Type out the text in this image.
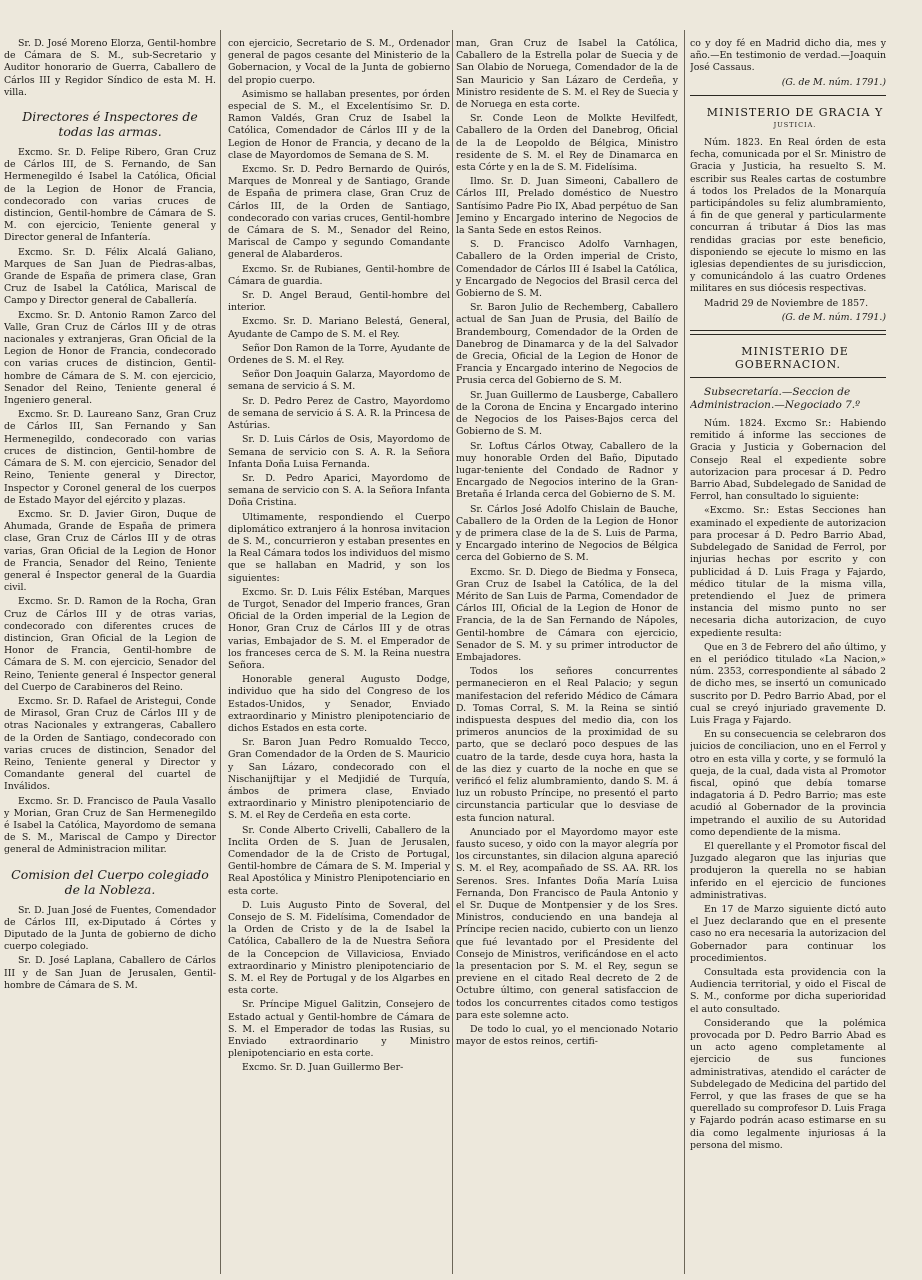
Sr. D. José Moreno Elorza, Gentil-hombre de Cámara de S. M., sub-Secretario y Auditor honorario de Guerra, Caballero de Cárlos III y Regidor Síndico de esta M. H. villa.

Directores é Inspectores de todas las armas.

Excmo. Sr. D. Felipe Ribero, Gran Cruz de Cárlos III, de S. Fernando, de San Hermenegildo é Isabel la Católica, Oficial de la Legion de Honor de Francia, condecorado con varias cruces de distincion, Gentil-hombre de Cámara de S. M. con ejercicio, Teniente general y Director general de Infantería.

Excmo. Sr. D. Félix Alcalá Galiano, Marques de San Juan de Piedras-albas, Grande de España de primera clase, Gran Cruz de Isabel la Católica, Mariscal de Campo y Director general de Caballería.

Excmo. Sr. D. Antonio Ramon Zarco del Valle, Gran Cruz de Cárlos III y de otras nacionales y extranjeras, Gran Oficial de la Legion de Honor de Francia, condecorado con varias cruces de distincion, Gentil-hombre de Cámara de S. M. con ejercicio, Senador del Reino, Teniente general é Ingeniero general.

Excmo. Sr. D. Laureano Sanz, Gran Cruz de Cárlos III, San Fernando y San Hermenegildo, condecorado con varias cruces de distincion, Gentil-hombre de Cámara de S. M. con ejercicio, Senador del Reino, Teniente general y Director, Inspector y Coronel general de los cuerpos de Estado Mayor del ejército y plazas.

Excmo. Sr. D. Javier Giron, Duque de Ahumada, Grande de España de primera clase, Gran Cruz de Cárlos III y de otras varias, Gran Oficial de la Legion de Honor de Francia, Senador del Reino, Teniente general é Inspector general de la Guardia civil.

Excmo. Sr. D. Ramon de la Rocha, Gran Cruz de Cárlos III y de otras varias, condecorado con diferentes cruces de distincion, Gran Oficial de la Legion de Honor de Francia, Gentil-hombre de Cámara de S. M. con ejercicio, Senador del Reino, Teniente general é Inspector general del Cuerpo de Carabineros del Reino.

Excmo. Sr. D. Rafael de Aristegui, Conde de Mirasol, Gran Cruz de Cárlos III y de otras Nacionales y extrangeras, Caballero de la Orden de Santiago, condecorado con varias cruces de distincion, Senador del Reino, Teniente general y Director y Comandante general del cuartel de Inválidos.

Excmo. Sr. D. Francisco de Paula Vasallo y Morian, Gran Cruz de San Hermenegildo é Isabel la Católica, Mayordomo de semana de S. M., Mariscal de Campo y Director general de Administracion militar.

Comision del Cuerpo colegiado de la Nobleza.

Sr. D. Juan José de Fuentes, Comendador de Cárlos III, ex-Diputado á Córtes y Diputado de la Junta de gobierno de dicho cuerpo colegiado.

Sr. D. José Laplana, Caballero de Cárlos III y de San Juan de Jerusalen, Gentil-hombre de Cámara de S. M.

con ejercicio, Secretario de S. M., Ordenador general de pagos cesante del Ministerio de la Gobernacion, y Vocal de la Junta de gobierno del propio cuerpo.

Asimismo se hallaban presentes, por órden especial de S. M., el Excelentísimo Sr. D. Ramon Valdés, Gran Cruz de Isabel la Católica, Comendador de Cárlos III y de la Legion de Honor de Francia, y decano de la clase de Mayordomos de Semana de S. M.

Excmo. Sr. D. Pedro Bernardo de Quirós, Marques de Monreal y de Santiago, Grande de España de primera clase, Gran Cruz de Cárlos III, de la Orden de Santiago, condecorado con varias cruces, Gentil-hombre de Cámara de S. M., Senador del Reino, Mariscal de Campo y segundo Comandante general de Alabarderos.

Excmo. Sr. de Rubianes, Gentil-hombre de Cámara de guardia.

Sr. D. Angel Beraud, Gentil-hombre del interior.

Excmo. Sr. D. Mariano Belestá, General, Ayudante de Campo de S. M. el Rey.

Señor Don Ramon de la Torre, Ayudante de Ordenes de S. M. el Rey.

Señor Don Joaquin Galarza, Mayordomo de semana de servicio á S. M.

Sr. D. Pedro Perez de Castro, Mayordomo de semana de servicio á S. A. R. la Princesa de Astúrias.

Sr. D. Luis Cárlos de Osis, Mayordomo de Semana de servicio con S. A. R. la Señora Infanta Doña Luisa Fernanda.

Sr. D. Pedro Aparici, Mayordomo de semana de servicio con S. A. la Señora Infanta Doña Cristina.

Ultimamente, respondiendo el Cuerpo diplomático extranjero á la honrosa invitacion de S. M., concurrieron y estaban presentes en la Real Cámara todos los individuos del mismo que se hallaban en Madrid, y son los siguientes:

Excmo. Sr. D. Luis Félix Estéban, Marques de Turgot, Senador del Imperio frances, Gran Oficial de la Orden imperial de la Legion de Honor, Gran Cruz de Cárlos III y de otras varias, Embajador de S. M. el Emperador de los franceses cerca de S. M. la Reina nuestra Señora.

Honorable general Augusto Dodge, individuo que ha sido del Congreso de los Estados-Unidos, y Senador, Enviado extraordinario y Ministro plenipotenciario de dichos Estados en esta corte.

Sr. Baron Juan Pedro Romualdo Tecco, Gran Comendador de la Orden de S. Mauricio y San Lázaro, condecorado con el Nischanijftijar y el Medjidié de Turquía, ámbos de primera clase, Enviado extraordinario y Ministro plenipotenciario de S. M. el Rey de Cerdeña en esta corte.

Sr. Conde Alberto Crivelli, Caballero de la Inclita Orden de S. Juan de Jerusalen, Comendador de la de Cristo de Portugal, Gentil-hombre de Cámara de S. M. Imperial y Real Apostólica y Ministro Plenipotenciario en esta corte.

D. Luis Augusto Pinto de Soveral, del Consejo de S. M. Fidelísima, Comendador de la Orden de Cristo y de la de Isabel la Católica, Caballero de la de Nuestra Señora de la Concepcion de Villaviciosa, Enviado extraordinario y Ministro plenipotenciario de S. M. el Rey de Portugal y de los Algarbes en esta corte.

Sr. Príncipe Miguel Galitzin, Consejero de Estado actual y Gentil-hombre de Cámara de S. M. el Emperador de todas las Rusias, su Enviado extraordinario y Ministro plenipotenciario en esta corte.

Excmo. Sr. D. Juan Guillermo Ber-

man, Gran Cruz de Isabel la Católica, Caballero de la Estrella polar de Suecia y de San Olabio de Noruega, Comendador de la de San Mauricio y San Lázaro de Cerdeña, y Ministro residente de S. M. el Rey de Suecia y de Noruega en esta corte.

Sr. Conde Leon de Molkte Hevilfedt, Caballero de la Orden del Danebrog, Oficial de la de Leopoldo de Bélgica, Ministro residente de S. M. el Rey de Dinamarca en esta Córte y en la de S. M. Fidelísima.

Ilmo. Sr. D. Juan Simeoni, Caballero de Cárlos III, Prelado doméstico de Nuestro Santísimo Padre Pio IX, Abad perpétuo de San Jemino y Encargado interino de Negocios de la Santa Sede en estos Reinos.

S. D. Francisco Adolfo Varnhagen, Caballero de la Orden imperial de Cristo, Comendador de Cárlos III é Isabel la Católica, y Encargado de Negocios del Brasil cerca del Gobierno de S. M.

Sr. Baron Julio de Rechemberg, Caballero actual de San Juan de Prusia, del Bailío de Brandembourg, Comendador de la Orden de Danebrog de Dinamarca y de la del Salvador de Grecia, Oficial de la Legion de Honor de Francia y Encargado interino de Negocios de Prusia cerca del Gobierno de S. M.

Sr. Juan Guillermo de Lausberge, Caballero de la Corona de Encina y Encargado interino de Negocios de los Paises-Bajos cerca del Gobierno de S. M.

Sr. Loftus Cárlos Otway, Caballero de la muy honorable Orden del Baño, Diputado lugar-teniente del Condado de Radnor y Encargado de Negocios interino de la Gran-Bretaña é Irlanda cerca del Gobierno de S. M.

Sr. Cárlos José Adolfo Chislain de Bauche, Caballero de la Orden de la Legion de Honor y de primera clase de la de S. Luis de Parma, y Encargado interino de Negocios de Bélgica cerca del Gobierno de S. M.

Excmo. Sr. D. Diego de Biedma y Fonseca, Gran Cruz de Isabel la Católica, de la del Mérito de San Luis de Parma, Comendador de Cárlos III, Oficial de la Legion de Honor de Francia, de la de San Fernando de Nápoles, Gentil-hombre de Cámara con ejercicio, Senador de S. M. y su primer introductor de Embajadores.

Todos los señores concurrentes permanecieron en el Real Palacio; y segun manifestacion del referido Médico de Cámara D. Tomas Corral, S. M. la Reina se sintió indispuesta despues del medio dia, con los primeros anuncios de la proximidad de su parto, que se declaró poco despues de las cuatro de la tarde, desde cuya hora, hasta la de las diez y cuarto de la noche en que se verificó el feliz alumbramiento, dando S. M. á luz un robusto Príncipe, no presentó el parto circunstancia particular que lo desviase de esta funcion natural.

Anunciado por el Mayordomo mayor este fausto suceso, y oido con la mayor alegría por los circunstantes, sin dilacion alguna apareció S. M. el Rey, acompañado de SS. AA. RR. los Serenos. Sres. Infantes Doña María Luisa Fernanda, Don Francisco de Paula Antonio y el Sr. Duque de Montpensier y de los Sres. Ministros, conduciendo en una bandeja al Príncipe recien nacido, cubierto con un lienzo que fué levantado por el Presidente del Consejo de Ministros, verificándose en el acto la presentacion por S. M. el Rey, segun se previene en el citado Real decreto de 2 de Octubre último, con general satisfaccion de todos los concurrentes citados como testigos para este solemne acto.

De todo lo cual, yo el mencionado Notario mayor de estos reinos, certifi-

co y doy fé en Madrid dicho dia, mes y año.—En testimonio de verdad.—Joaquin José Cassaus.

(G. de M. núm. 1791.)

MINISTERIO DE GRACIA Y

JUSTICIA.

Núm. 1823. En Real órden de esta fecha, comunicada por el Sr. Ministro de Gracia y Justicia, ha resuelto S. M. escribir sus Reales cartas de costumbre á todos los Prelados de la Monarquía participándoles su feliz alumbramiento, á fin de que general y particularmente concurran á tributar á Dios las mas rendidas gracias por este beneficio, disponiendo se ejecute lo mismo en las iglesias dependientes de su jurisdiccion, y comunicándolo á las cuatro Ordenes militares en sus diócesis respectivas.

Madrid 29 de Noviembre de 1857.

(G. de M. núm. 1791.)

MINISTERIO DE GOBERNACION.

Subsecretaría.—Seccion de Administracion.—Negociado 7.º

Núm. 1824. Excmo Sr.: Habiendo remitido á informe las secciones de Gracia y Justicia y Gobernacion del Consejo Real el expediente sobre autorizacion para procesar á D. Pedro Barrio Abad, Subdelegado de Sanidad de Ferrol, han consultado lo siguiente:

«Excmo. Sr.: Estas Secciones han examinado el expediente de autorizacion para procesar á D. Pedro Barrio Abad, Subdelegado de Sanidad de Ferrol, por injurias hechas por escrito y con publicidad á D. Luis Fraga y Fajardo, médico titular de la misma villa, pretendiendo el Juez de primera instancia del mismo punto no ser necesaria dicha autorizacion, de cuyo expediente resulta:

Que en 3 de Febrero del año último, y en el periódico titulado «La Nacion,» núm. 2353, correspondiente al sábado 2 de dicho mes, se insertó un comunicado suscrito por D. Pedro Barrio Abad, por el cual se creyó injuriado gravemente D. Luis Fraga y Fajardo.

En su consecuencia se celebraron dos juicios de conciliacion, uno en el Ferrol y otro en esta villa y corte, y se formuló la queja, de la cual, dada vista al Promotor fiscal, opinó que debía tomarse indagatoria á D. Pedro Barrio; mas este acudió al Gobernador de la provincia impetrando el auxilio de su Autoridad como dependiente de la misma.

El querellante y el Promotor fiscal del Juzgado alegaron que las injurias que produjeron la querella no se habian inferido en el ejercicio de funciones administrativas.

En 17 de Marzo siguiente dictó auto el Juez declarando que en el presente caso no era necesaria la autorizacion del Gobernador para continuar los procedimientos.

Consultada esta providencia con la Audiencia territorial, y oido el Fiscal de S. M., conforme por dicha superioridad el auto consultado.

Considerando que la polémica provocada por D. Pedro Barrio Abad es un acto ageno completamente al ejercicio de sus funciones administrativas, atendido el carácter de Subdelegado de Medicina del partido del Ferrol, y que las frases de que se ha querellado su comprofesor D. Luis Fraga y Fajardo podrán acaso estimarse en su dia como legalmente injuriosas á la persona del mismo.
